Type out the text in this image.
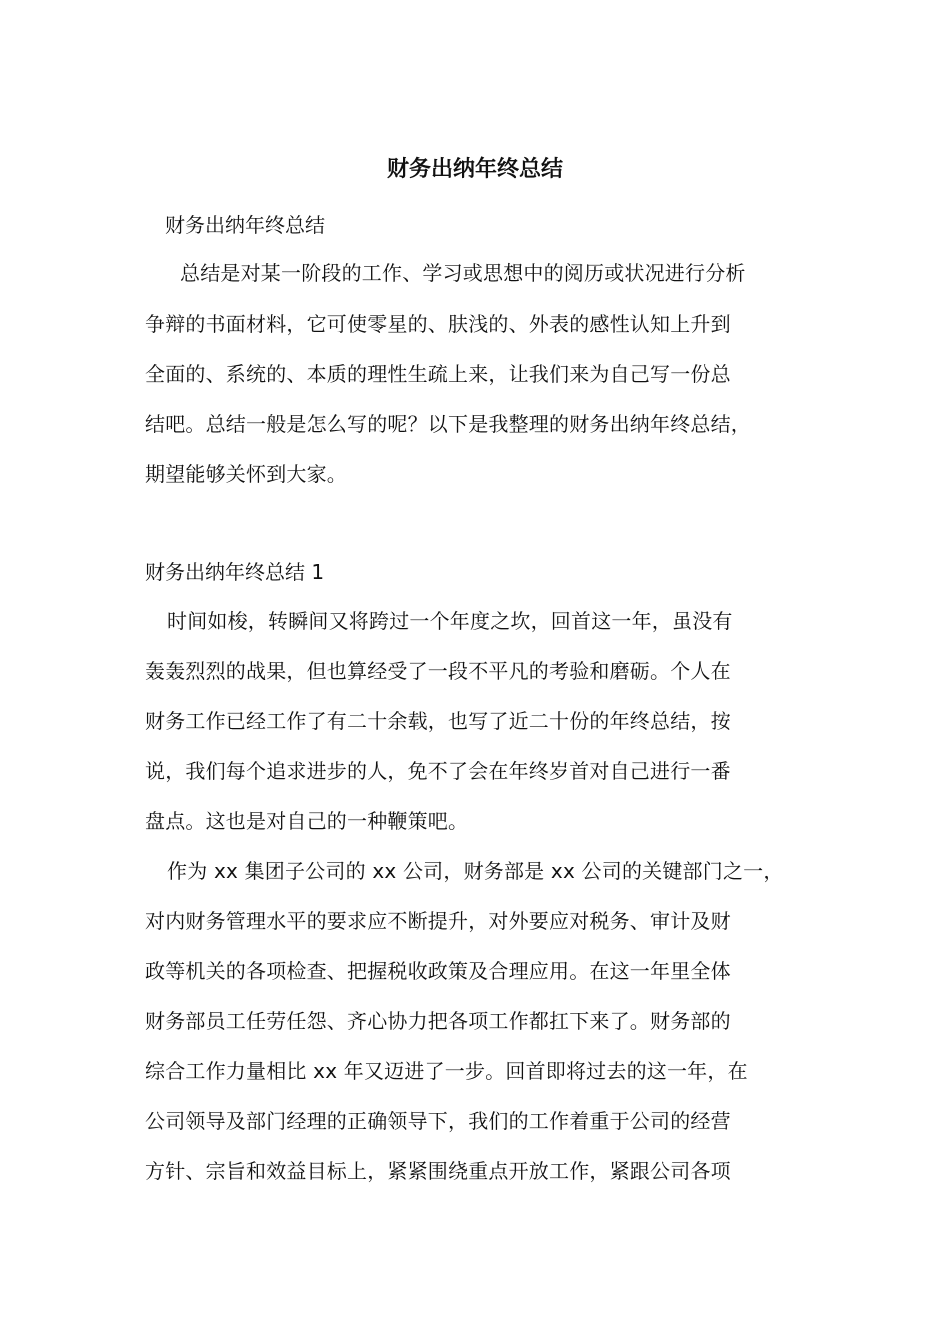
财务出纳年终总结
财务出纳年终总结
总结是对某一阶段的工作、学习或思想中的阅历或状况进行分析
争辩的书面材料，它可使零星的、肤浅的、外表的感性认知上升到
全面的、系统的、本质的理性生疏上来，让我们来为自己写一份总
结吧。总结一般是怎么写的呢？以下是我整理的财务出纳年终总结，
期望能够关怀到大家。
财务出纳年终总结 1
时间如梭，转瞬间又将跨过一个年度之坎，回首这一年，虽没有
轰轰烈烈的战果，但也算经受了一段不平凡的考验和磨砺。个人在
财务工作已经工作了有二十余载，也写了近二十份的年终总结，按
说，我们每个追求进步的人，免不了会在年终岁首对自己进行一番
盘点。这也是对自己的一种鞭策吧。
作为 xx 集团子公司的 xx 公司，财务部是 xx 公司的关键部门之一，
对内财务管理水平的要求应不断提升，对外要应对税务、审计及财
政等机关的各项检查、把握税收政策及合理应用。在这一年里全体
财务部员工任劳任怨、齐心协力把各项工作都扛下来了。财务部的
综合工作力量相比 xx 年又迈进了一步。回首即将过去的这一年，在
公司领导及部门经理的正确领导下，我们的工作着重于公司的经营
方针、宗旨和效益目标上，紧紧围绕重点开放工作，紧跟公司各项
